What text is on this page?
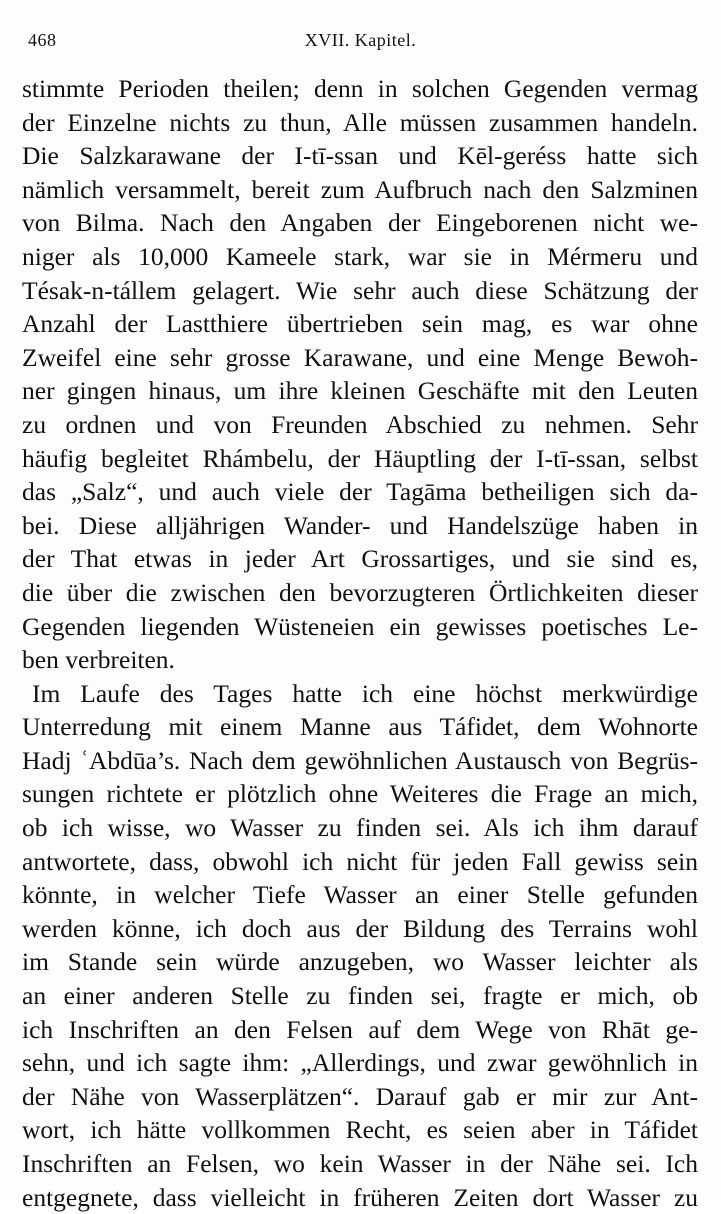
468	XVII. Kapitel.
stimmte Perioden theilen; denn in solchen Gegenden vermag
der Einzelne nichts zu thun, Alle müssen zusammen handeln.
Die Salzkarawane der I-tī-ssan und Kēl-geréss hatte sich
nämlich versammelt, bereit zum Aufbruch nach den Salzminen
von Bilma. Nach den Angaben der Eingeborenen nicht we-
niger als 10,000 Kameele stark, war sie in Mérmeru und
Tésak-n-tállem gelagert. Wie sehr auch diese Schätzung der
Anzahl der Lastthiere übertrieben sein mag, es war ohne
Zweifel eine sehr grosse Karawane, und eine Menge Bewoh-
ner gingen hinaus, um ihre kleinen Geschäfte mit den Leuten
zu ordnen und von Freunden Abschied zu nehmen. Sehr
häufig begleitet Rhámbelu, der Häuptling der I-tī-ssan, selbst
das „Salz“, und auch viele der Tagāma betheiligen sich da-
bei. Diese alljährigen Wander- und Handelszüge haben in
der That etwas in jeder Art Grossartiges, und sie sind es,
die über die zwischen den bevorzugteren Örtlichkeiten dieser
Gegenden liegenden Wüsteneien ein gewisses poetisches Le-
ben verbreiten.
Im Laufe des Tages hatte ich eine höchst merkwürdige
Unterredung mit einem Manne aus Táfidet, dem Wohnorte
Hadj ʿAbdūa’s. Nach dem gewöhnlichen Austausch von Begrüs-
sungen richtete er plötzlich ohne Weiteres die Frage an mich,
ob ich wisse, wo Wasser zu finden sei. Als ich ihm darauf
antwortete, dass, obwohl ich nicht für jeden Fall gewiss sein
könnte, in welcher Tiefe Wasser an einer Stelle gefunden
werden könne, ich doch aus der Bildung des Terrains wohl
im Stande sein würde anzugeben, wo Wasser leichter als
an einer anderen Stelle zu finden sei, fragte er mich, ob
ich Inschriften an den Felsen auf dem Wege von Rhāt ge-
sehn, und ich sagte ihm: „Allerdings, und zwar gewöhnlich in
der Nähe von Wasserplätzen“. Darauf gab er mir zur Ant-
wort, ich hätte vollkommen Recht, es seien aber in Táfidet
Inschriften an Felsen, wo kein Wasser in der Nähe sei. Ich
entgegnete, dass vielleicht in früheren Zeiten dort Wasser zu
